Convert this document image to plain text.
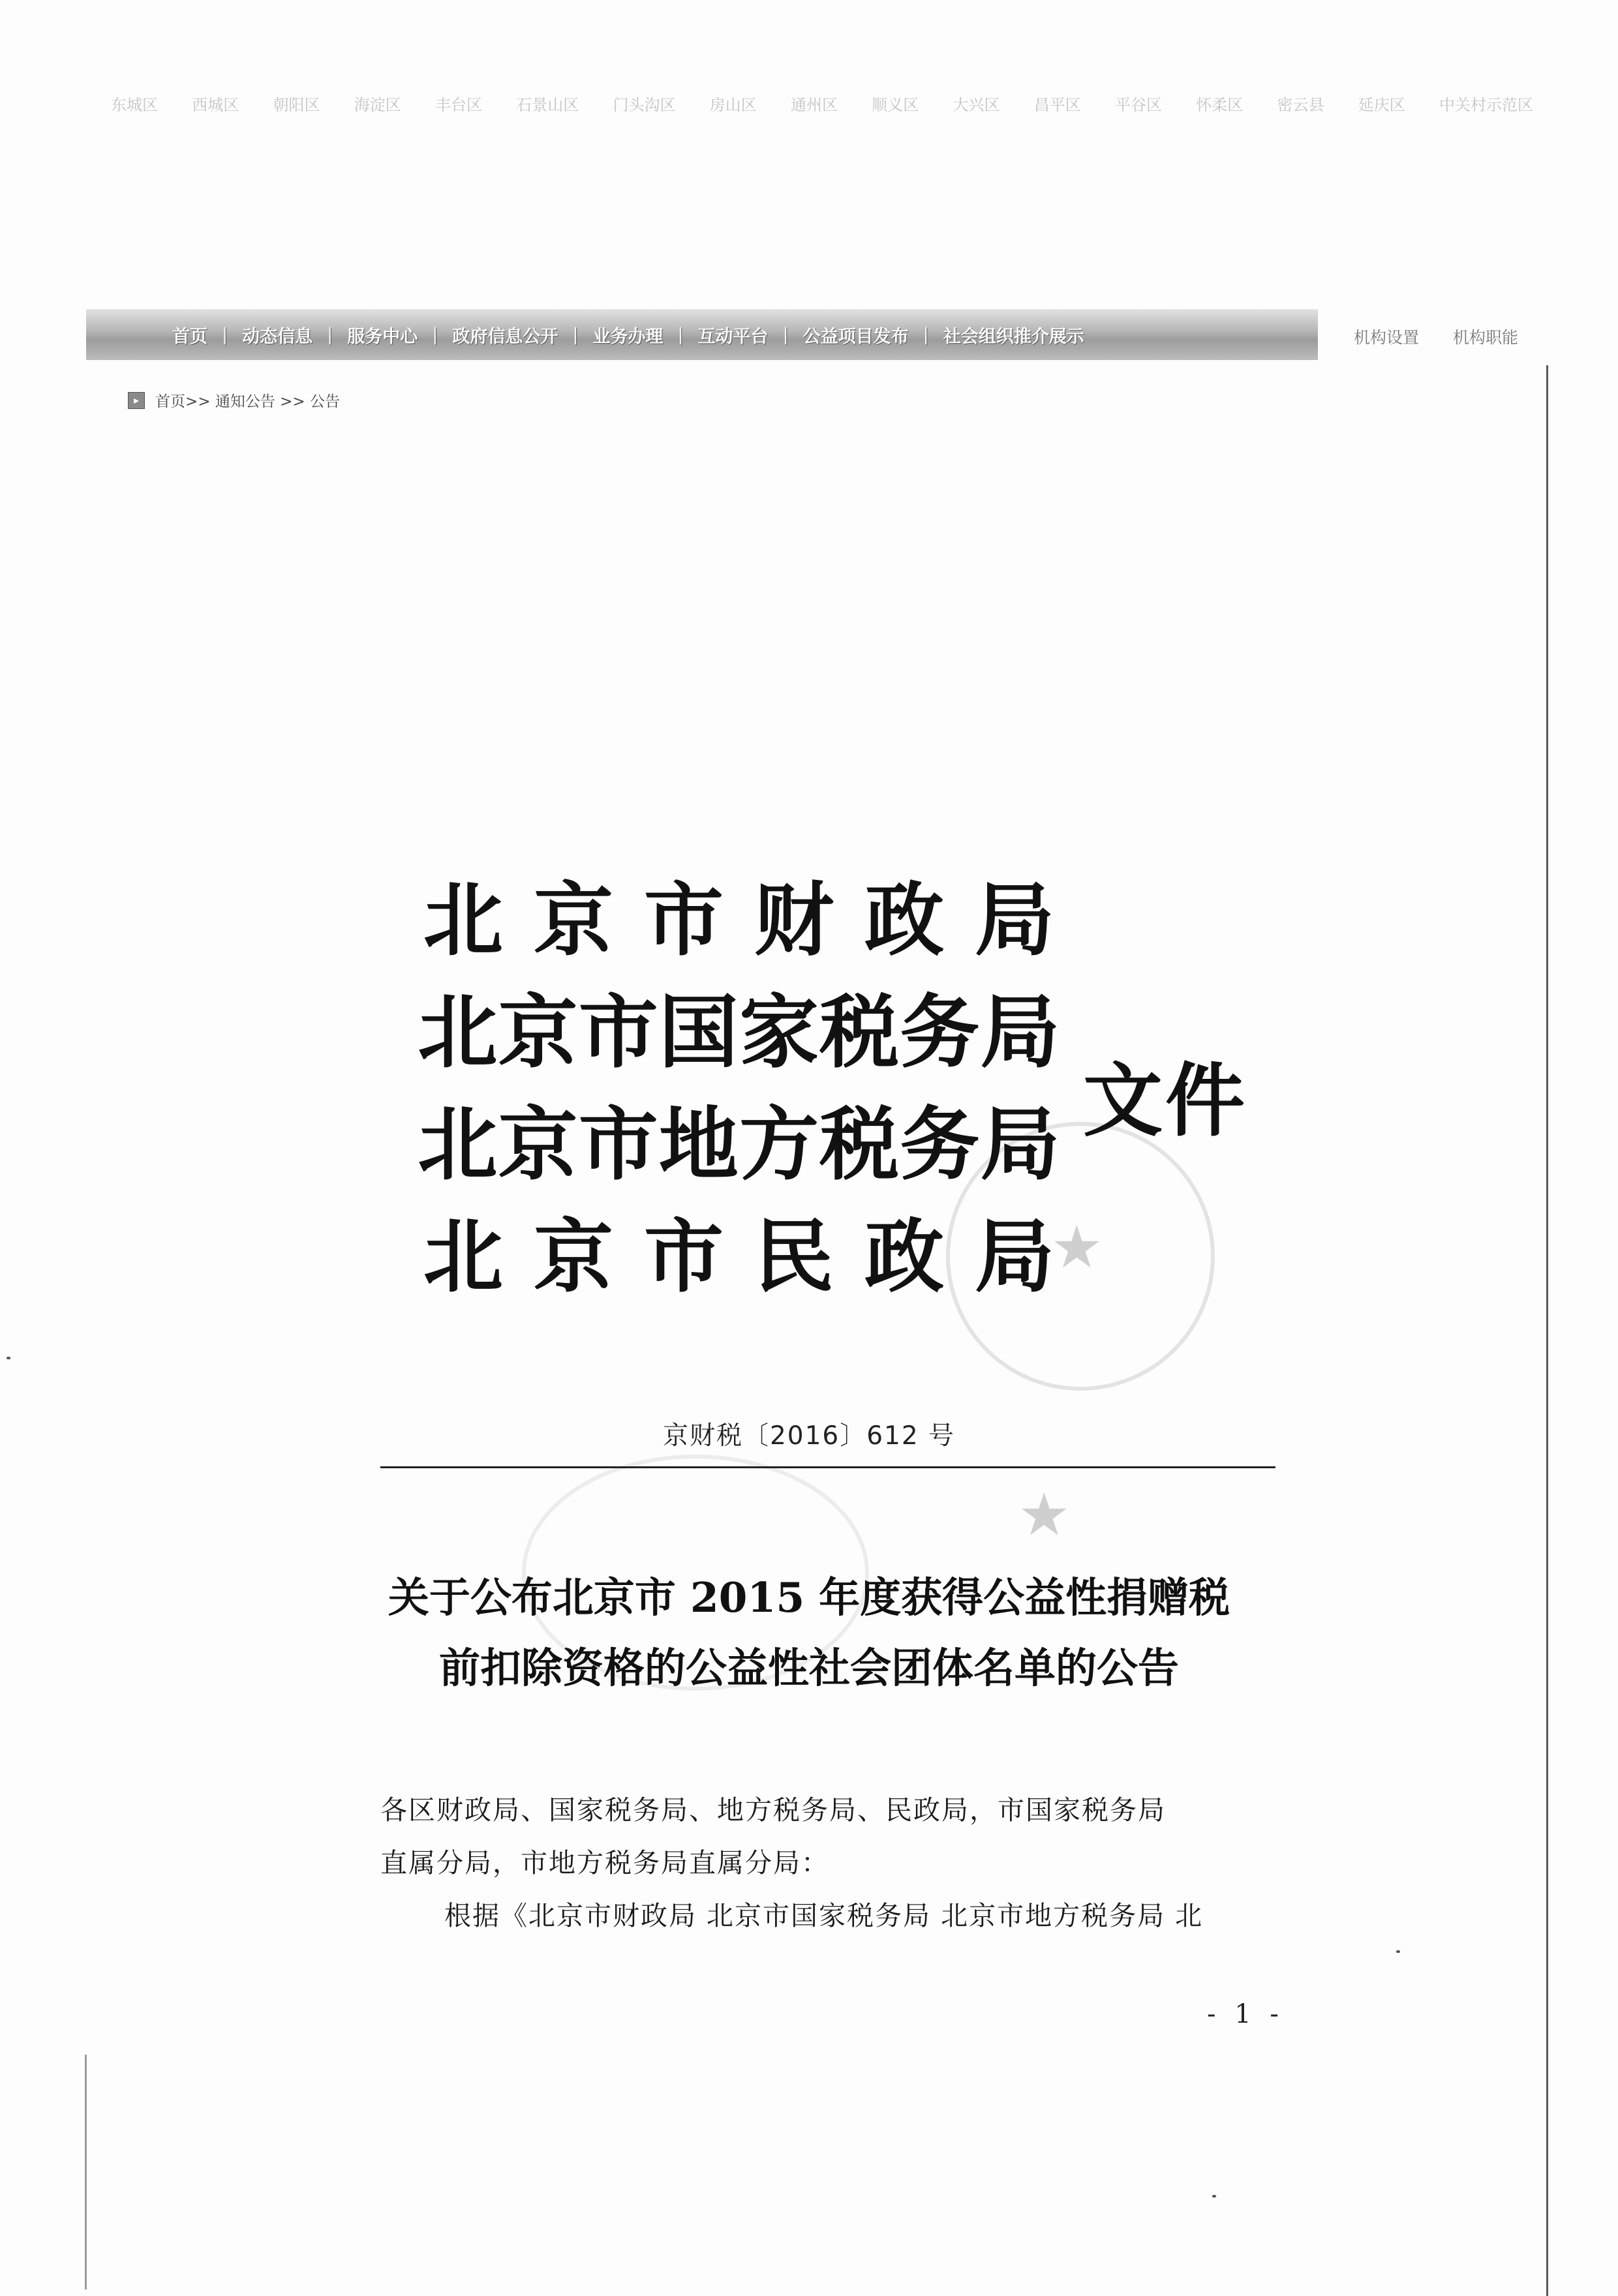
东城区 西城区 朝阳区 海淀区 丰台区 石景山区 门头沟区 房山区 通州区 顺义区 大兴区 昌平区 平谷区 怀柔区 密云县 延庆区 中关村示范区
首页 | 动态信息 | 服务中心 | 政府信息公开 | 业务办理 | 互动平台 | 公益项目发布 | 社会组织推介展示	机构设置 机构职能
▸	首页>> 通知公告 >> 公告
★
★
北 京 市 财 政 局
北 京 市 国 家 税 务 局
北 京 市 地 方 税 务 局
北 京 市 民 政 局
文件
京财税〔2016〕612 号
关于公布北京市 2015 年度获得公益性捐赠税
前扣除资格的公益性社会团体名单的公告

各区财政局、国家税务局、地方税务局、民政局，市国家税务局

直属分局，市地方税务局直属分局：

根据《北京市财政局 北京市国家税务局 北京市地方税务局 北

- 1 -
